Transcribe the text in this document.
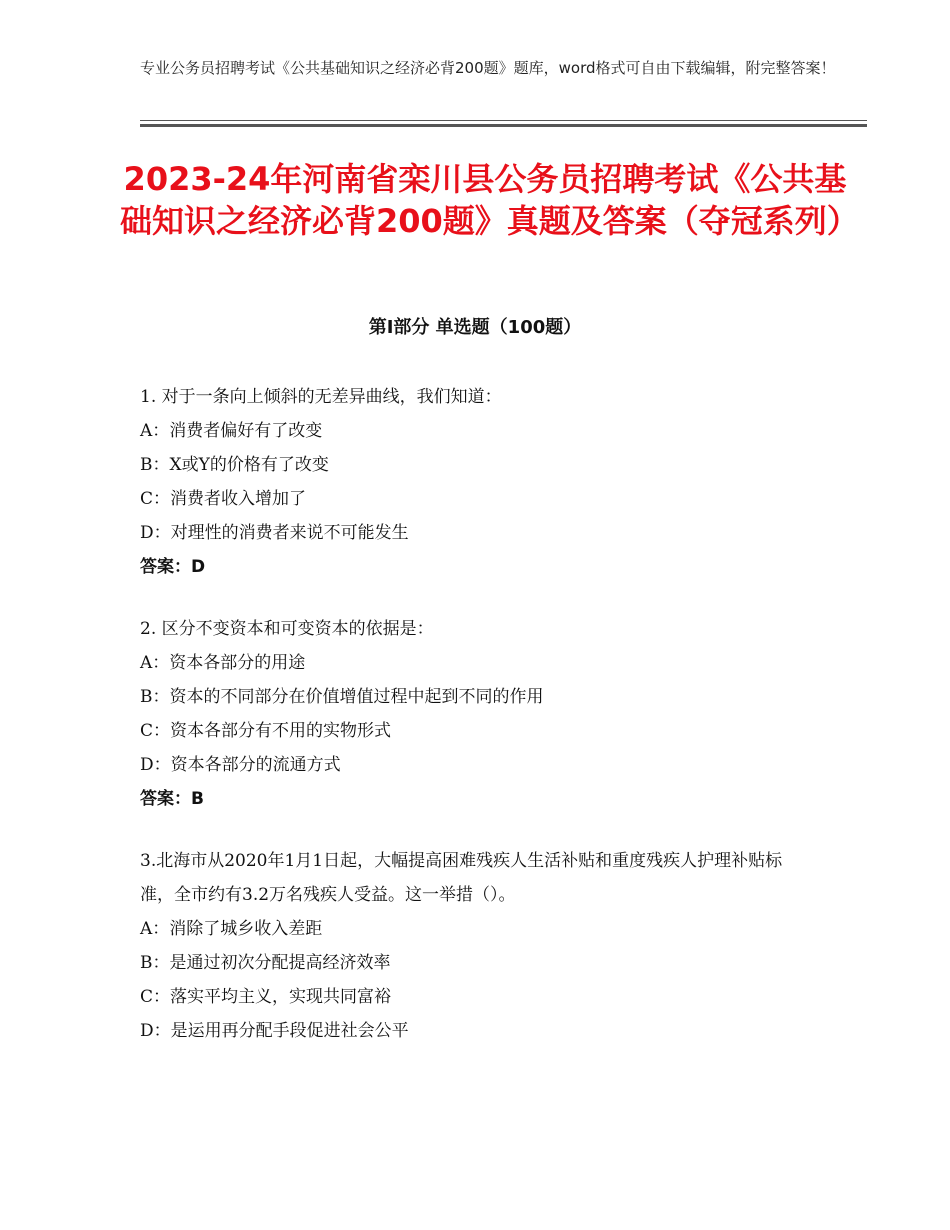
专业公务员招聘考试《公共基础知识之经济必背200题》题库，word格式可自由下载编辑，附完整答案！
2023-24年河南省栾川县公务员招聘考试《公共基础知识之经济必背200题》真题及答案（夺冠系列）
第Ⅰ部分 单选题（100题）

1. 对于一条向上倾斜的无差异曲线，我们知道：

A：消费者偏好有了改变

B：X或Y的价格有了改变

C：消费者收入增加了

D：对理性的消费者来说不可能发生

答案：D

2. 区分不变资本和可变资本的依据是：

A：资本各部分的用途

B：资本的不同部分在价值增值过程中起到不同的作用

C：资本各部分有不用的实物形式

D：资本各部分的流通方式

答案：B

3.北海市从2020年1月1日起，大幅提高困难残疾人生活补贴和重度残疾人护理补贴标准，全市约有3.2万名残疾人受益。这一举措（）。

A：消除了城乡收入差距

B：是通过初次分配提高经济效率

C：落实平均主义，实现共同富裕

D：是运用再分配手段促进社会公平
